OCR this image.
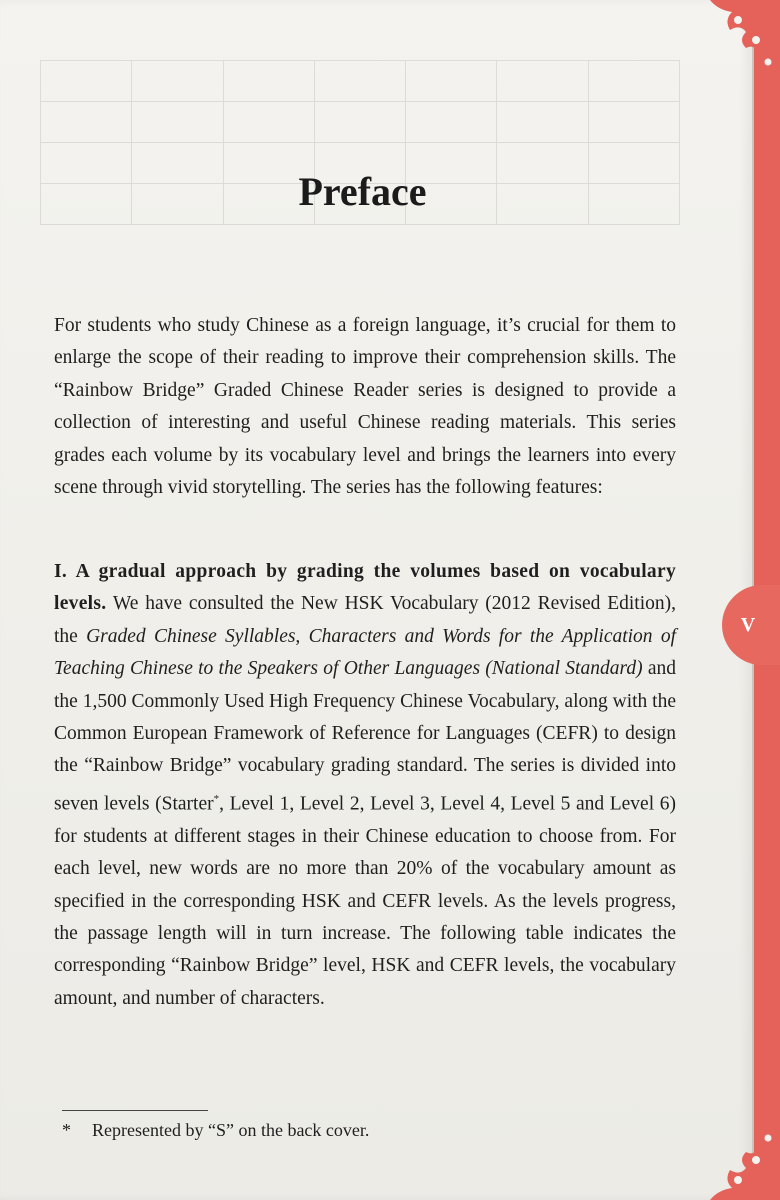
Preface
For students who study Chinese as a foreign language, it’s crucial for them to enlarge the scope of their reading to improve their comprehension skills. The “Rainbow Bridge” Graded Chinese Reader series is designed to provide a collection of interesting and useful Chinese reading materials. This series grades each volume by its vocabulary level and brings the learners into every scene through vivid storytelling. The series has the following features:
I. A gradual approach by grading the volumes based on vocabulary levels. We have consulted the New HSK Vocabulary (2012 Revised Edition), the Graded Chinese Syllables, Characters and Words for the Application of Teaching Chinese to the Speakers of Other Languages (National Standard) and the 1,500 Commonly Used High Frequency Chinese Vocabulary, along with the Common European Framework of Reference for Languages (CEFR) to design the “Rainbow Bridge” vocabulary grading standard. The series is divided into seven levels (Starter*, Level 1, Level 2, Level 3, Level 4, Level 5 and Level 6) for students at different stages in their Chinese education to choose from. For each level, new words are no more than 20% of the vocabulary amount as specified in the corresponding HSK and CEFR levels. As the levels progress, the passage length will in turn increase. The following table indicates the corresponding “Rainbow Bridge” level, HSK and CEFR levels, the vocabulary amount, and number of characters.
* Represented by “S” on the back cover.
V
